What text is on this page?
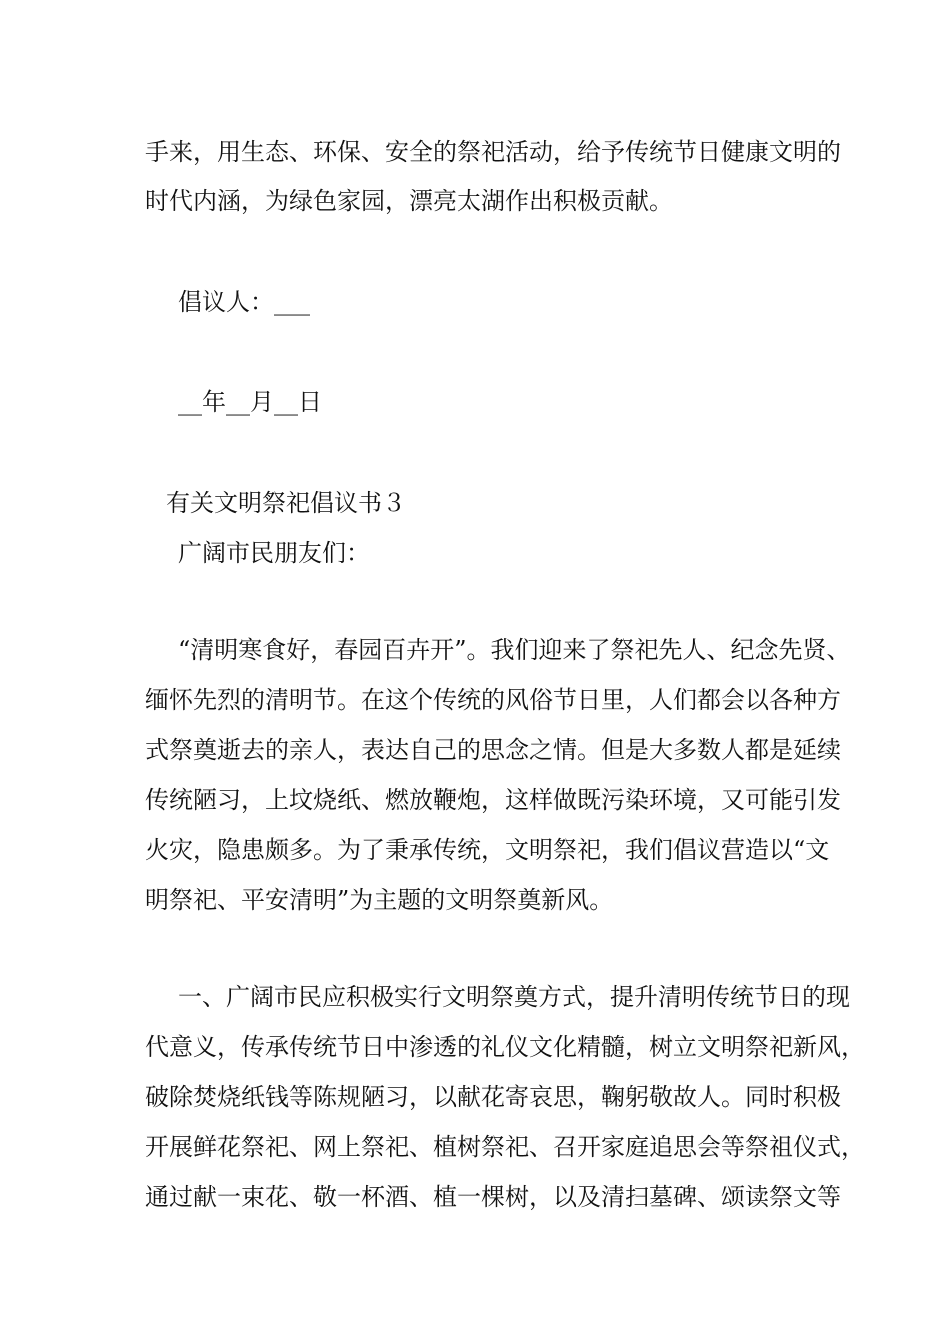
手来，用生态、环保、安全的祭祀活动，给予传统节日健康文明的
时代内涵，为绿色家园，漂亮太湖作出积极贡献。
倡议人：___
__年__月__日
有关文明祭祀倡议书３
广阔市民朋友们：
“清明寒食好，春园百卉开”。我们迎来了祭祀先人、纪念先贤、
缅怀先烈的清明节。在这个传统的风俗节日里，人们都会以各种方
式祭奠逝去的亲人，表达自己的思念之情。但是大多数人都是延续
传统陋习，上坟烧纸、燃放鞭炮，这样做既污染环境，又可能引发
火灾，隐患颇多。为了秉承传统，文明祭祀，我们倡议营造以“文
明祭祀、平安清明”为主题的文明祭奠新风。
一、广阔市民应积极实行文明祭奠方式，提升清明传统节日的现
代意义，传承传统节日中渗透的礼仪文化精髓，树立文明祭祀新风，
破除焚烧纸钱等陈规陋习，以献花寄哀思，鞠躬敬故人。同时积极
开展鲜花祭祀、网上祭祀、植树祭祀、召开家庭追思会等祭祖仪式，
通过献一束花、敬一杯酒、植一棵树，以及清扫墓碑、颂读祭文等
